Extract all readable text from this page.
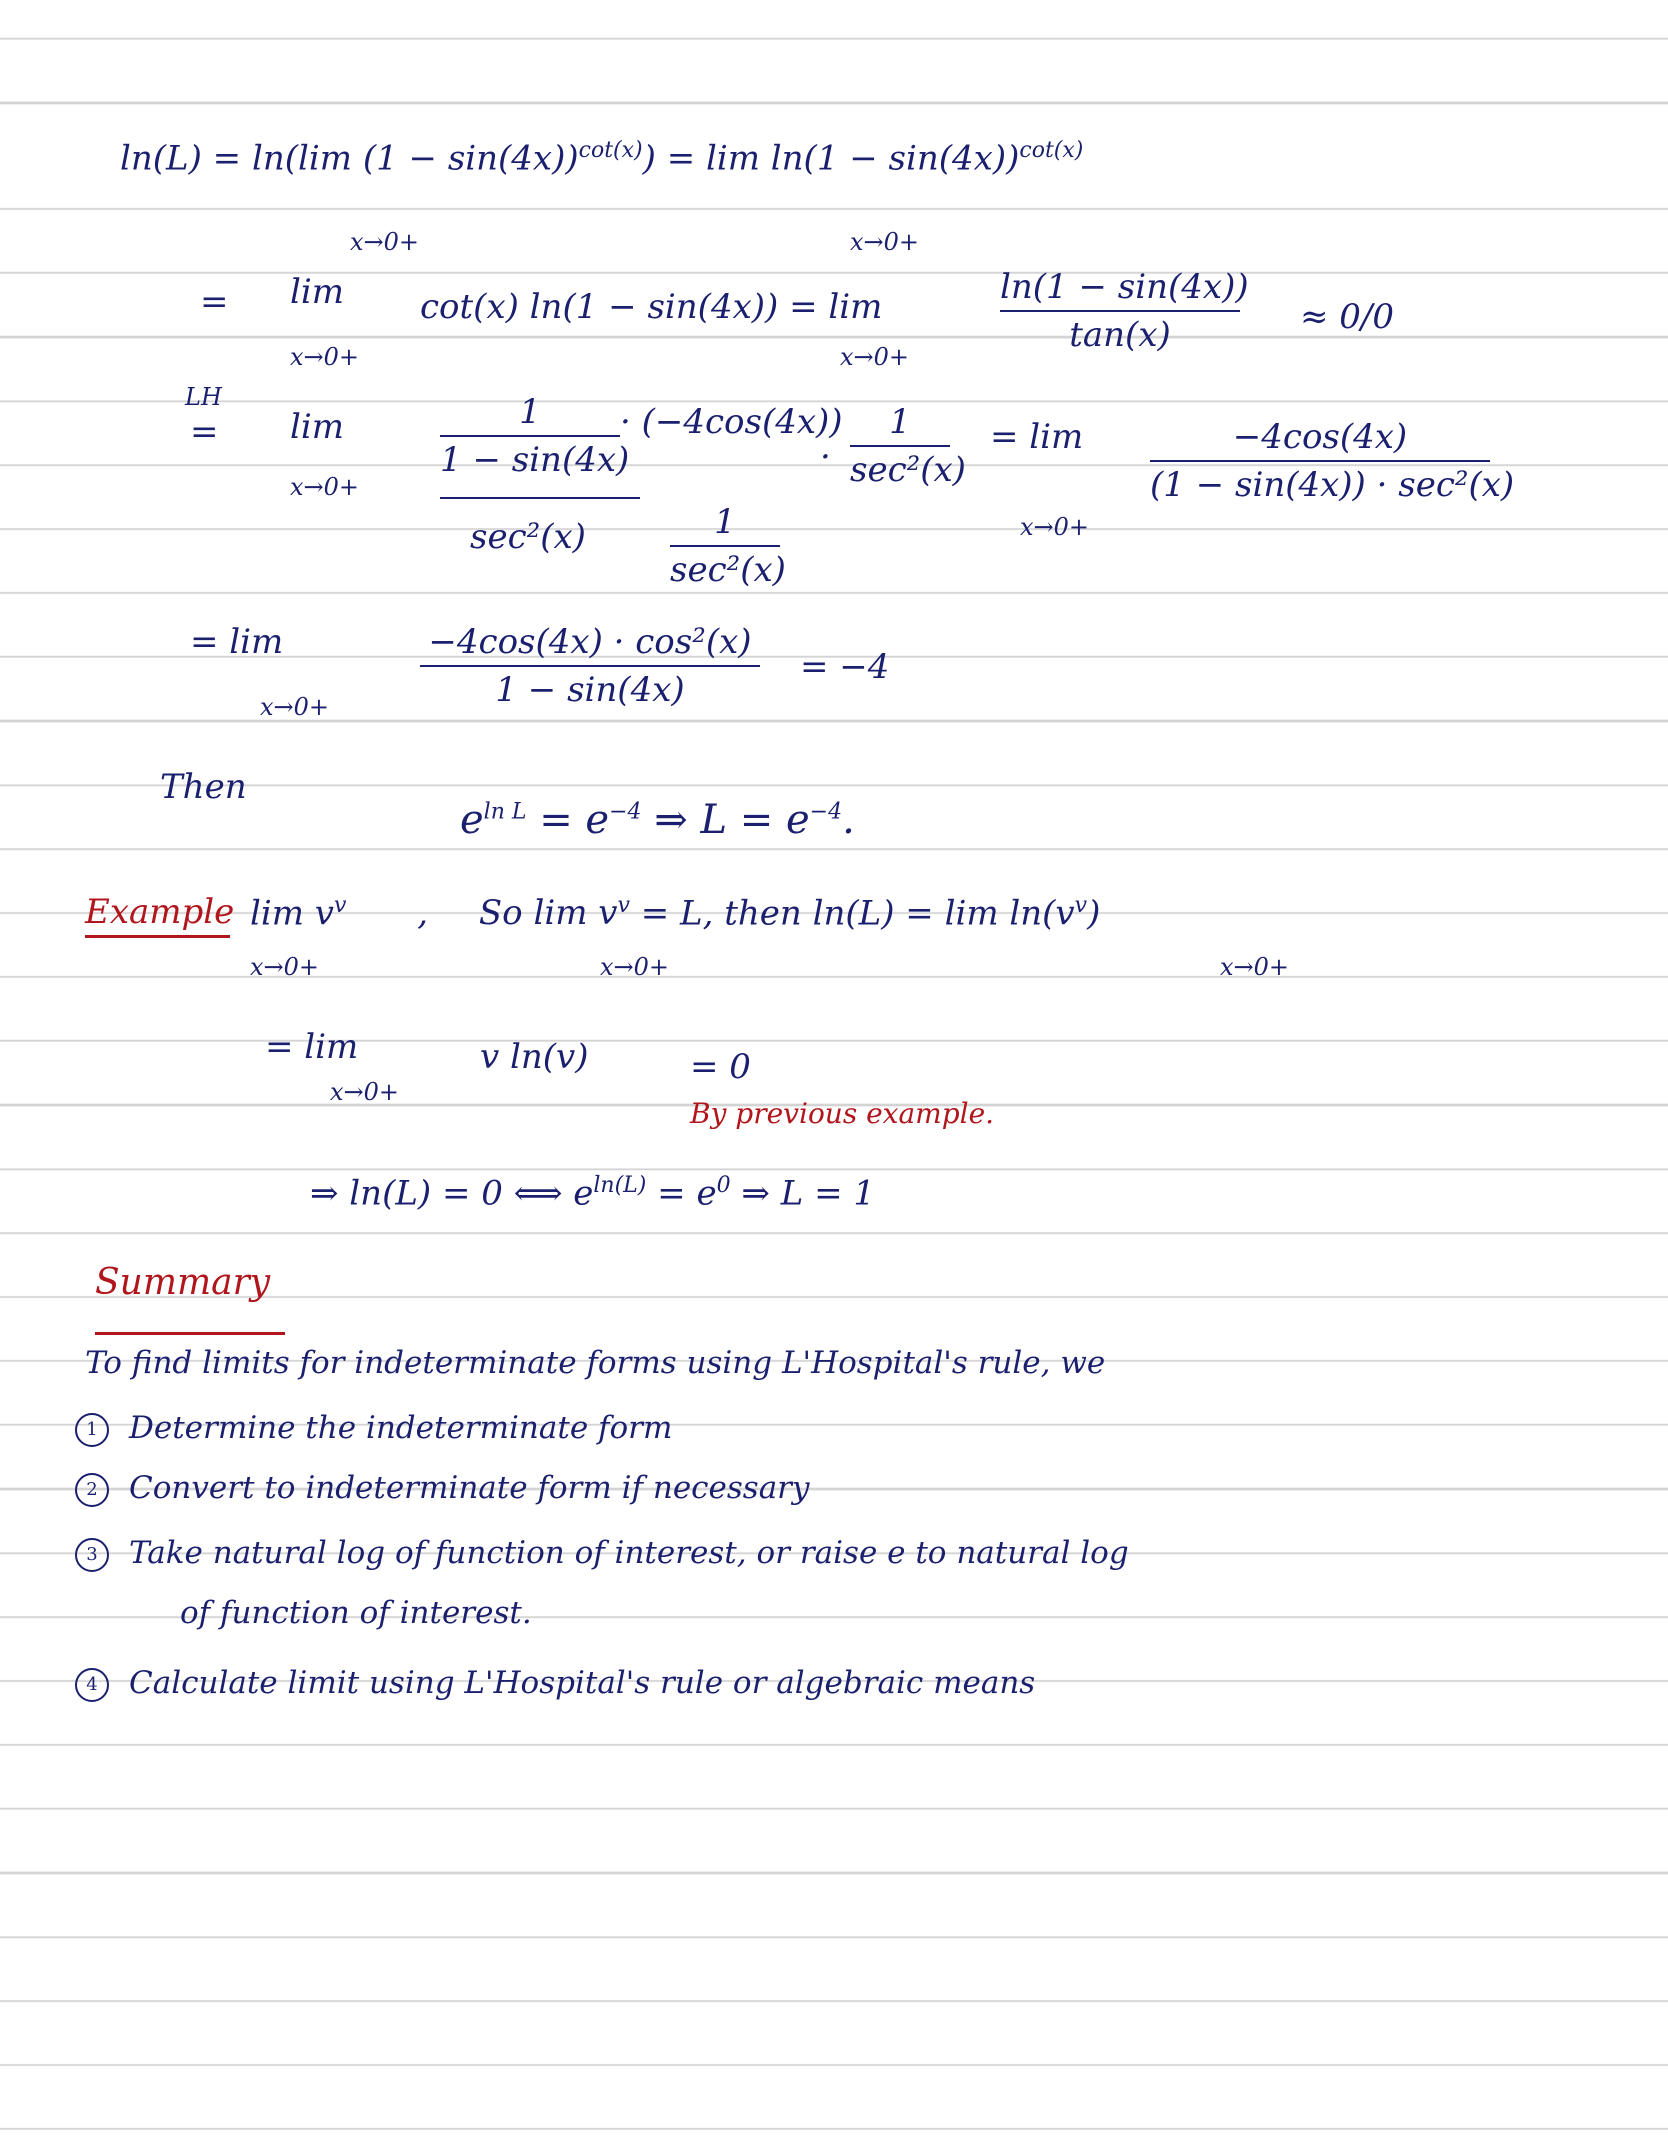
ln(L) = ln(lim $(1 - \sin(4x))^{cot(x)}) = \lim \ln(1 - \sin(4x))^{cot(x)}$
x→0+	x→0+
= lim
x→0+
cot(x) ln(1 − sin(4x)) = lim
x→0+
ln(1 − sin(4x))
tan(x)	≈ 0/0
LH
= lim
x→0+
1
1 − sin(4x)
· (−4cos(4x))
·
1
sec²(x)
sec²(x)	1
sec²(x)
= lim
x→0+
−4cos(4x)
(1 − sin(4x)) · sec²(x)
= lim
x→0+
−4cos(4x) · cos²(x)
1 − sin(4x)
= −4
Then
$e^{ln L} = e^{-4}$ ⇒ $L = e^{-4}$.
Example $\lim v^v$ , So $\lim v^v = L$, then $\ln(L) = \lim \ln(v^v)$
x→0+	x→0+	x→0+
= lim
x→0+
v ln(v)	= 0
By previous example.
⇒ ln(L) = 0 ⟺ $e^{ln(L)} = e^0$ ⇒ L = 1
Summary
To find limits for indeterminate forms using L'Hospital's rule, we
1 Determine the indeterminate form
2 Convert to indeterminate form if necessary
3 Take natural log of function of interest, or raise e to natural log
of function of interest.
4 Calculate limit using L'Hospital's rule or algebraic means
